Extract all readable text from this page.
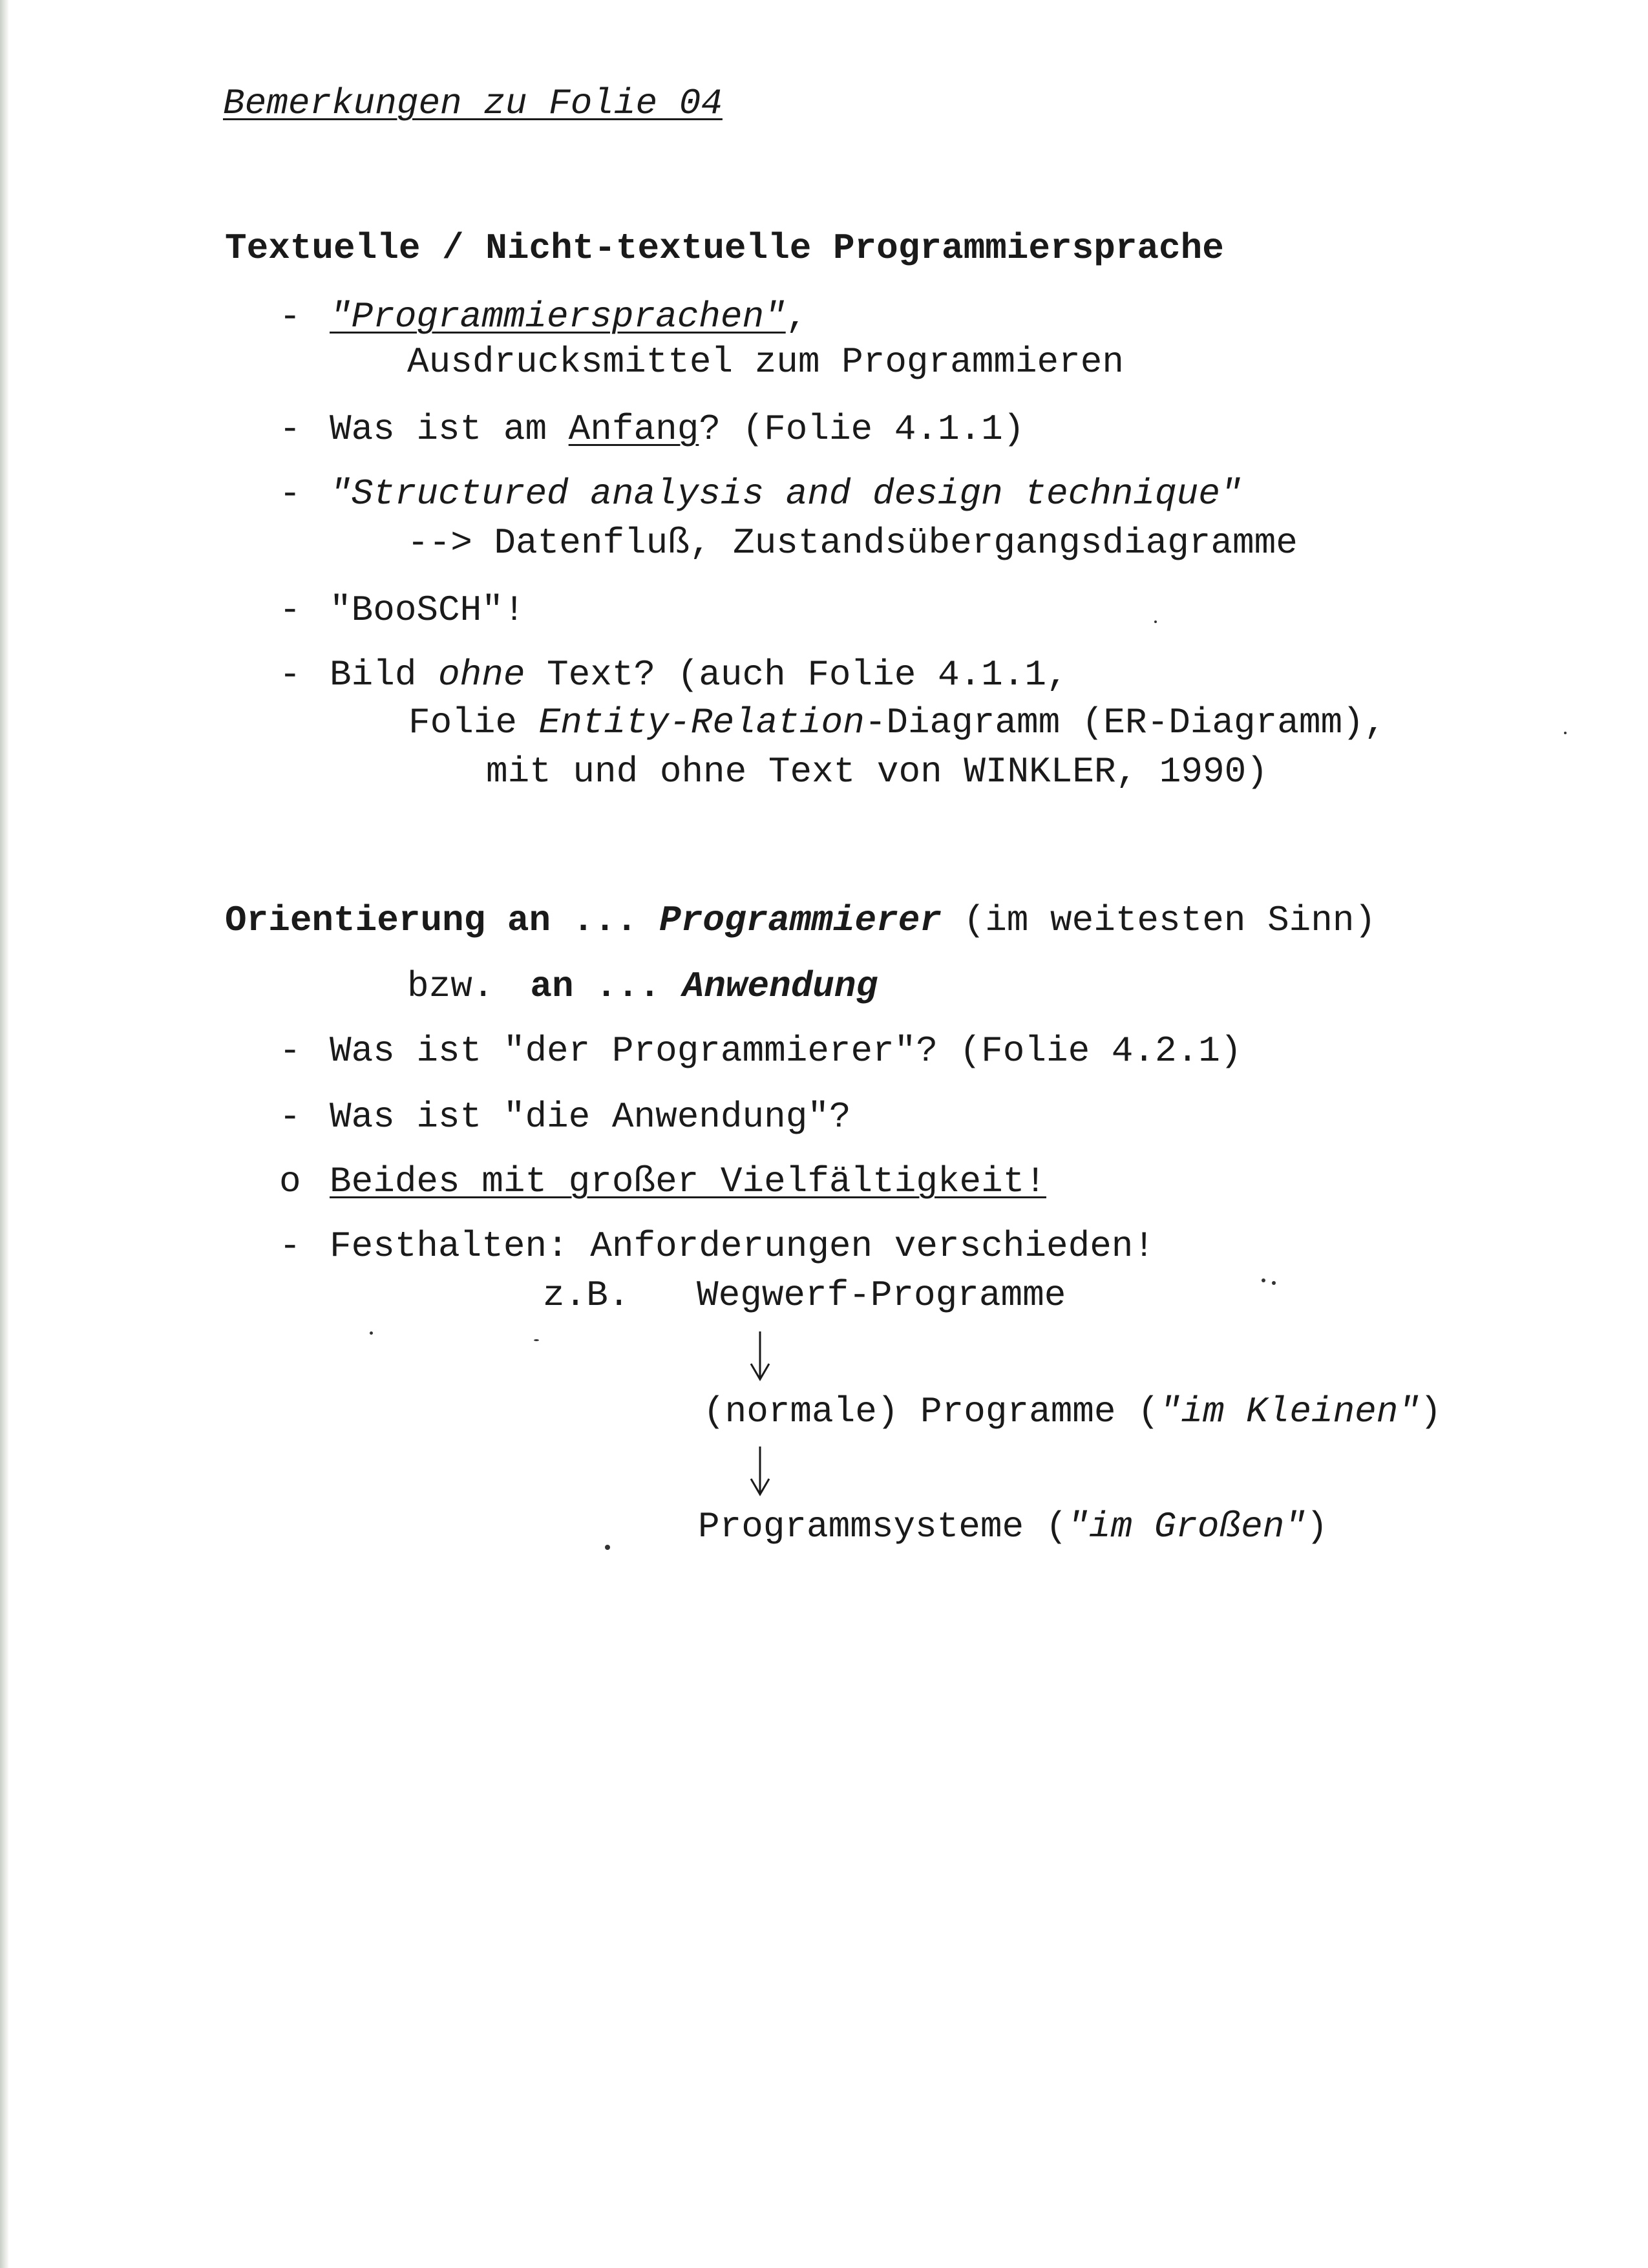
Bemerkungen zu Folie 04
Textuelle / Nicht-textuelle Programmiersprache
- "Programmiersprachen",
Ausdrucksmittel zum Programmieren
- Was ist am Anfang? (Folie 4.1.1)
- "Structured analysis and design technique"
--> Datenfluß, Zustandsübergangsdiagramme
- "BooSCH"!
- Bild ohne Text? (auch Folie 4.1.1,
Folie Entity-Relation-Diagramm (ER-Diagramm),
mit und ohne Text von WINKLER, 1990)
Orientierung an ... Programmierer (im weitesten Sinn)
bzw. an ... Anwendung
- Was ist "der Programmierer"? (Folie 4.2.1)
- Was ist "die Anwendung"?
o Beides mit großer Vielfältigkeit!
- Festhalten: Anforderungen verschieden!
z.B. Wegwerf-Programme
(normale) Programme ("im Kleinen")
Programmsysteme ("im Großen")
